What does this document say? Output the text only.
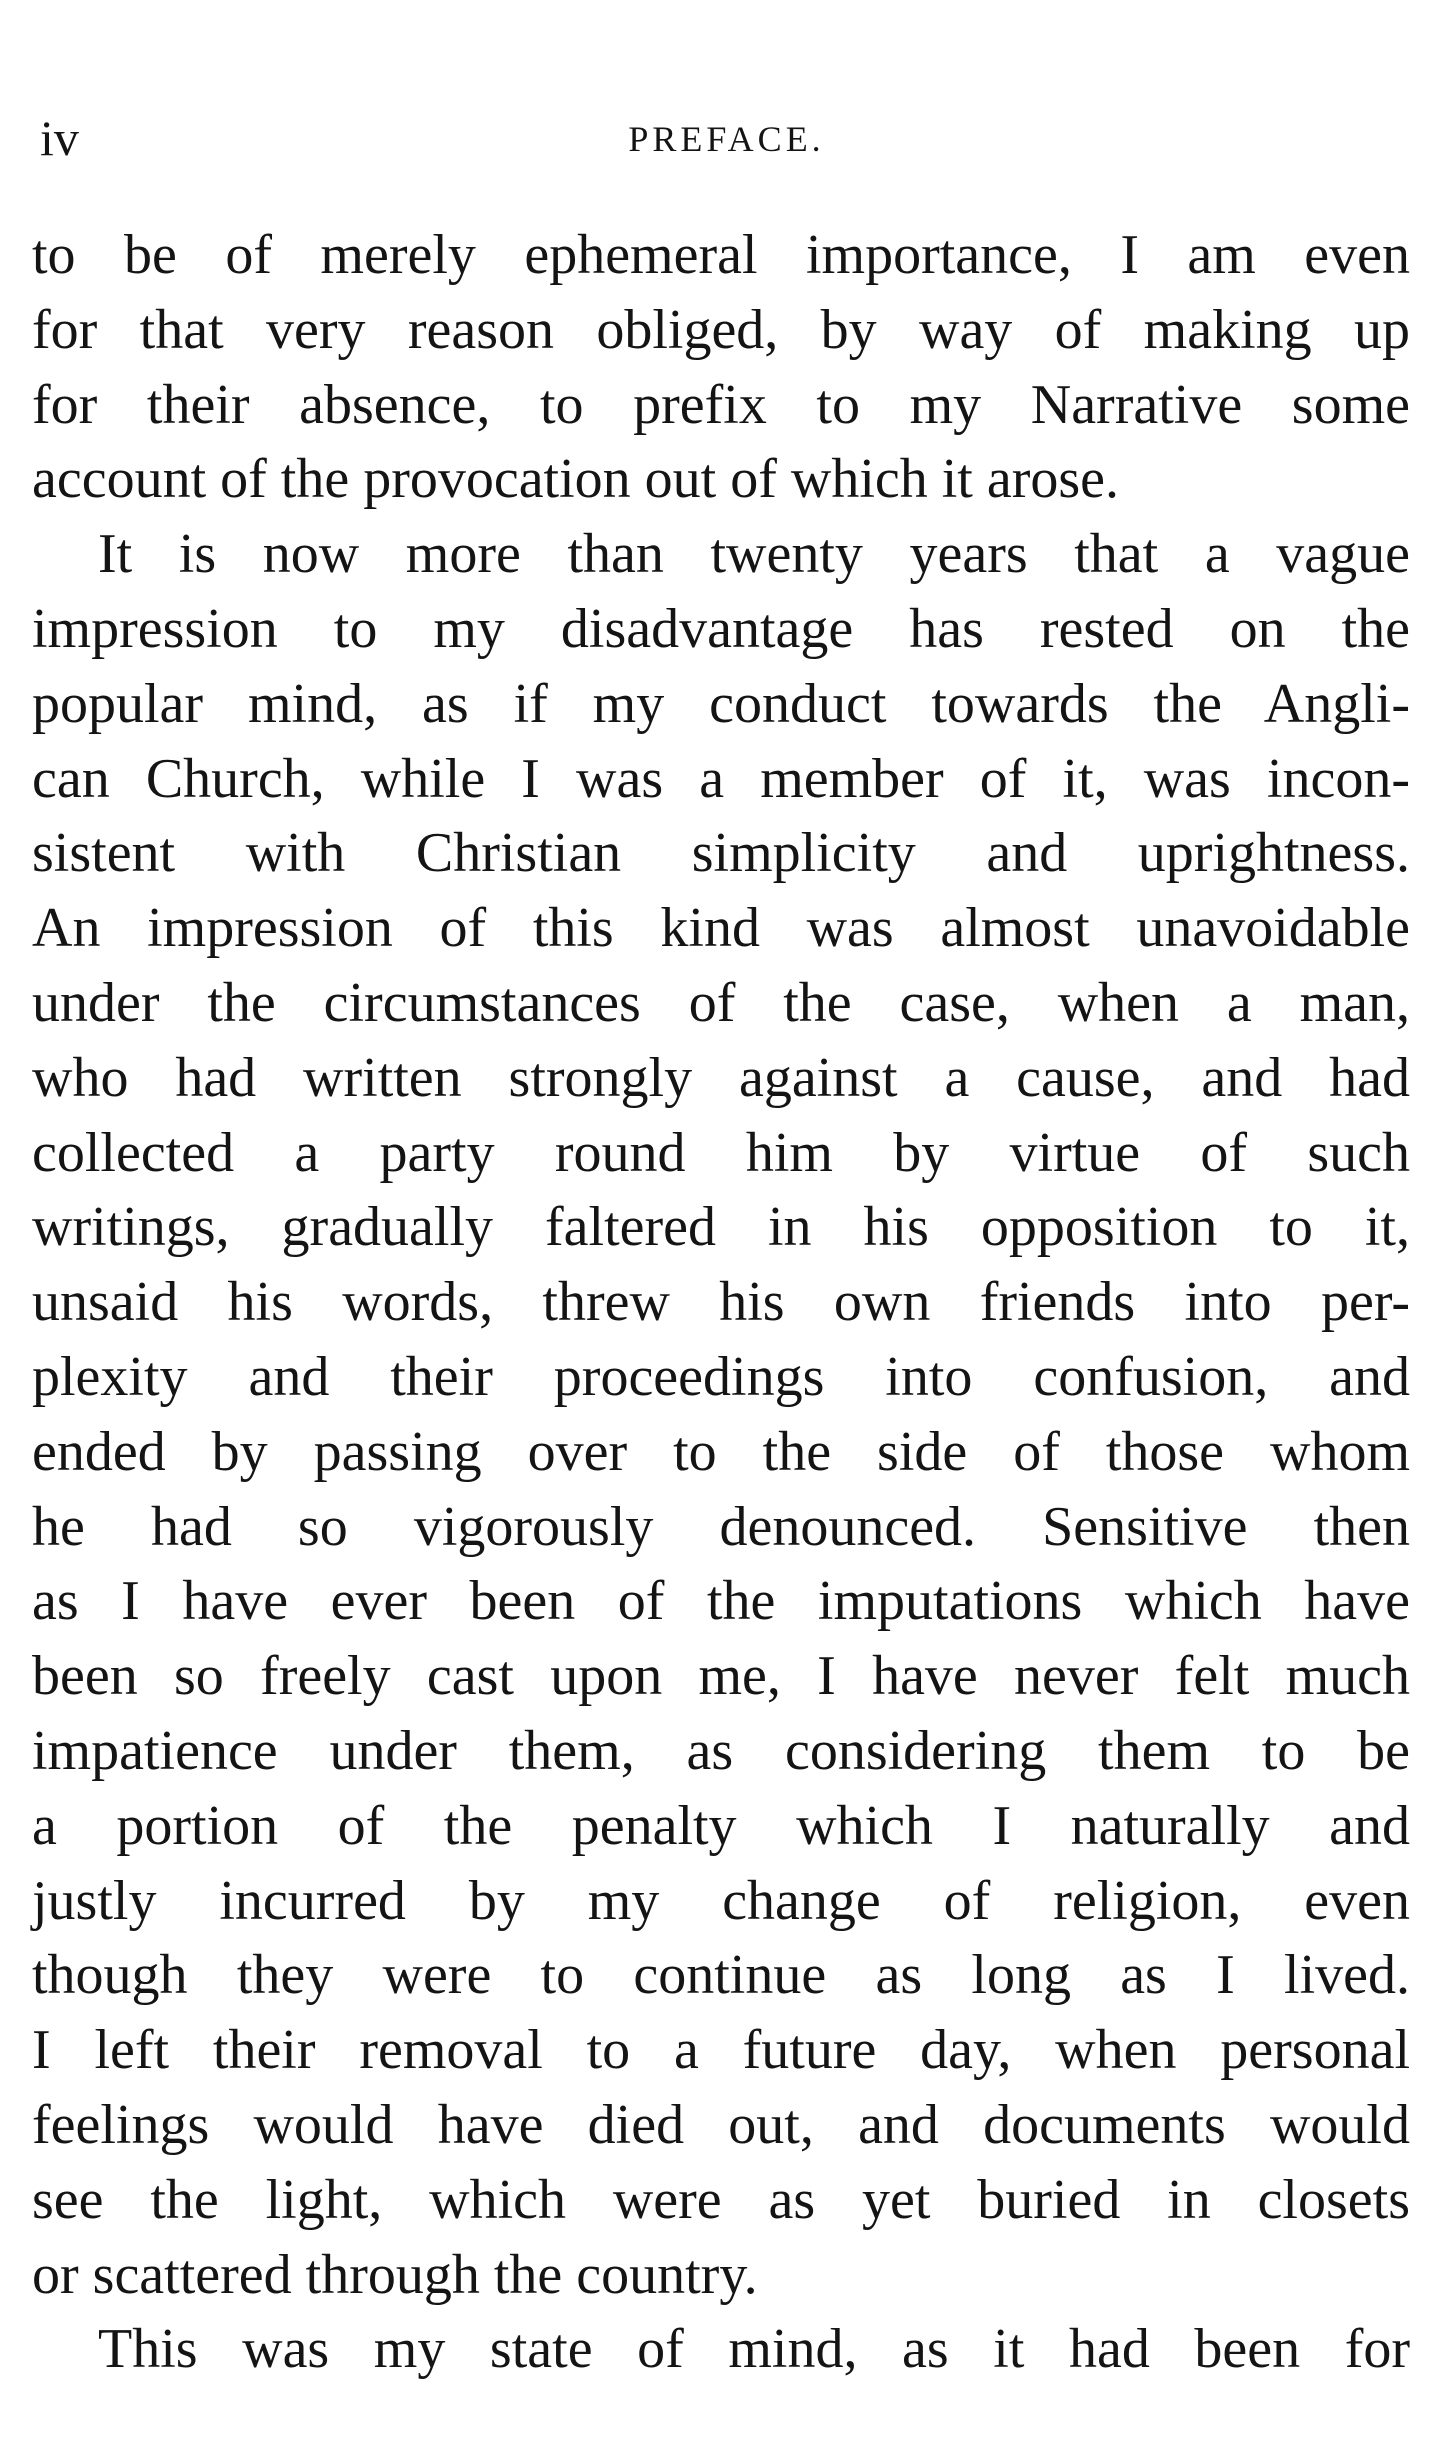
iv	PREFACE.
to be of merely ephemeral importance, I am even
for that very reason obliged, by way of making up
for their absence, to prefix to my Narrative some
account of the provocation out of which it arose.
It is now more than twenty years that a vague
impression to my disadvantage has rested on the
popular mind, as if my conduct towards the Angli-
can Church, while I was a member of it, was incon-
sistent with Christian simplicity and uprightness.
An impression of this kind was almost unavoidable
under the circumstances of the case, when a man,
who had written strongly against a cause, and had
collected a party round him by virtue of such
writings, gradually faltered in his opposition to it,
unsaid his words, threw his own friends into per-
plexity and their proceedings into confusion, and
ended by passing over to the side of those whom
he had so vigorously denounced. Sensitive then
as I have ever been of the imputations which have
been so freely cast upon me, I have never felt much
impatience under them, as considering them to be
a portion of the penalty which I naturally and
justly incurred by my change of religion, even
though they were to continue as long as I lived.
I left their removal to a future day, when personal
feelings would have died out, and documents would
see the light, which were as yet buried in closets
or scattered through the country.
This was my state of mind, as it had been for
